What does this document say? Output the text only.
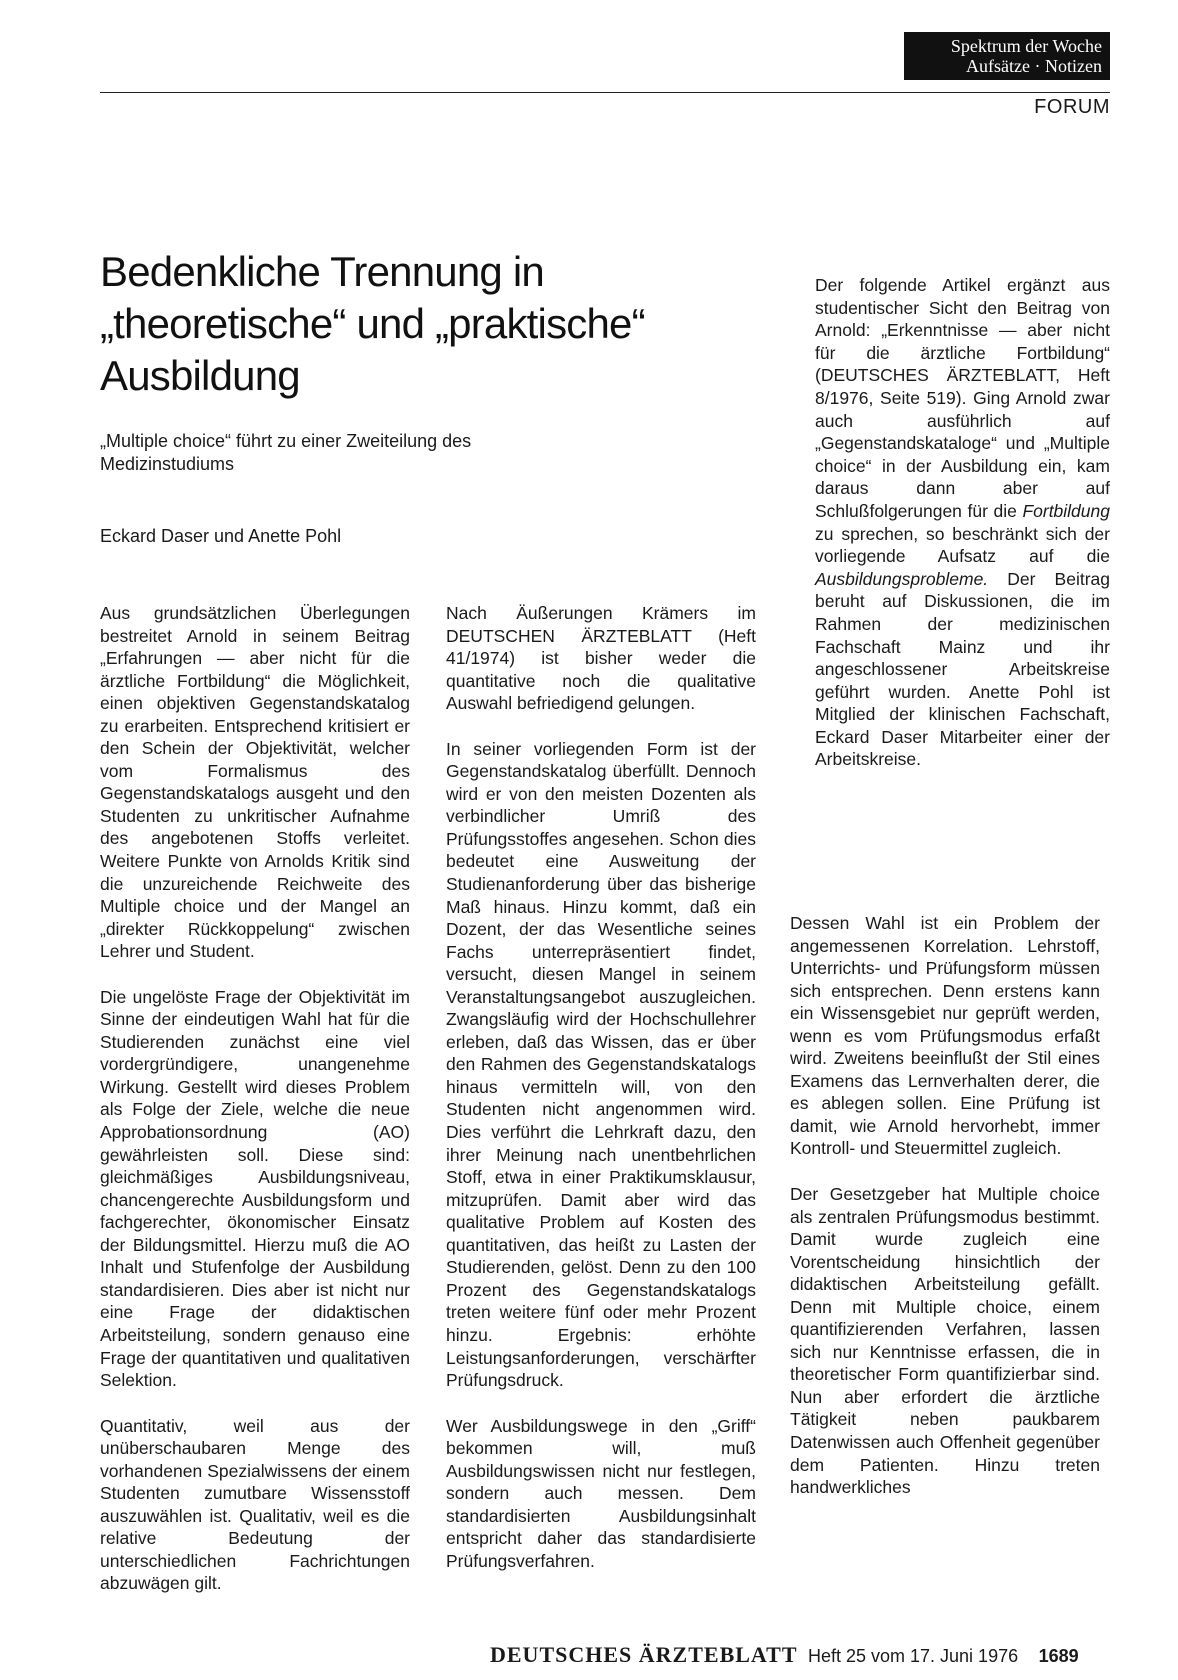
Spektrum der Woche
Aufsätze · Notizen
FORUM
Bedenkliche Trennung in
„theoretische“ und „praktische“
Ausbildung
„Multiple choice“ führt zu einer Zweiteilung des Medizinstudiums
Eckard Daser und Anette Pohl
Der folgende Artikel ergänzt aus studentischer Sicht den Beitrag von Arnold: „Erkenntnisse — aber nicht für die ärztliche Fortbildung“ (DEUTSCHES ÄRZTEBLATT, Heft 8/1976, Seite 519). Ging Arnold zwar auch ausführlich auf „Gegenstandskataloge“ und „Multiple choice“ in der Ausbildung ein, kam daraus dann aber auf Schlußfolgerungen für die Fortbildung zu sprechen, so beschränkt sich der vorliegende Aufsatz auf die Ausbildungsprobleme. Der Beitrag beruht auf Diskussionen, die im Rahmen der medizinischen Fachschaft Mainz und ihr angeschlossener Arbeitskreise geführt wurden. Anette Pohl ist Mitglied der klinischen Fachschaft, Eckard Daser Mitarbeiter einer der Arbeitskreise.

Aus grundsätzlichen Überlegungen bestreitet Arnold in seinem Beitrag „Erfahrungen — aber nicht für die ärztliche Fortbildung“ die Möglichkeit, einen objektiven Gegenstandskatalog zu erarbeiten. Entsprechend kritisiert er den Schein der Objektivität, welcher vom Formalismus des Gegenstandskatalogs ausgeht und den Studenten zu unkritischer Aufnahme des angebotenen Stoffs verleitet. Weitere Punkte von Arnolds Kritik sind die unzureichende Reichweite des Multiple choice und der Mangel an „direkter Rückkoppelung“ zwischen Lehrer und Student.

Die ungelöste Frage der Objektivität im Sinne der eindeutigen Wahl hat für die Studierenden zunächst eine viel vordergründigere, unangenehme Wirkung. Gestellt wird dieses Problem als Folge der Ziele, welche die neue Approbationsordnung (AO) gewährleisten soll. Diese sind: gleichmäßiges Ausbildungsniveau, chancengerechte Ausbildungsform und fachgerechter, ökonomischer Einsatz der Bildungsmittel. Hierzu muß die AO Inhalt und Stufenfolge der Ausbildung standardisieren. Dies aber ist nicht nur eine Frage der didaktischen Arbeitsteilung, sondern genauso eine Frage der quantitativen und qualitativen Selektion.

Quantitativ, weil aus der unüberschaubaren Menge des vorhandenen Spezialwissens der einem Studenten zumutbare Wissensstoff auszuwählen ist. Qualitativ, weil es die relative Bedeutung der unterschiedlichen Fachrichtungen abzuwägen gilt.

Nach Äußerungen Krämers im DEUTSCHEN ÄRZTEBLATT (Heft 41/1974) ist bisher weder die quantitative noch die qualitative Auswahl befriedigend gelungen.

In seiner vorliegenden Form ist der Gegenstandskatalog überfüllt. Dennoch wird er von den meisten Dozenten als verbindlicher Umriß des Prüfungsstoffes angesehen. Schon dies bedeutet eine Ausweitung der Studienanforderung über das bisherige Maß hinaus. Hinzu kommt, daß ein Dozent, der das Wesentliche seines Fachs unterrepräsentiert findet, versucht, diesen Mangel in seinem Veranstaltungsangebot auszugleichen. Zwangsläufig wird der Hochschullehrer erleben, daß das Wissen, das er über den Rahmen des Gegenstandskatalogs hinaus vermitteln will, von den Studenten nicht angenommen wird. Dies verführt die Lehrkraft dazu, den ihrer Meinung nach unentbehrlichen Stoff, etwa in einer Praktikumsklausur, mitzuprüfen. Damit aber wird das qualitative Problem auf Kosten des quantitativen, das heißt zu Lasten der Studierenden, gelöst. Denn zu den 100 Prozent des Gegenstandskatalogs treten weitere fünf oder mehr Prozent hinzu. Ergebnis: erhöhte Leistungsanforderungen, verschärfter Prüfungsdruck.

Wer Ausbildungswege in den „Griff“ bekommen will, muß Ausbildungswissen nicht nur festlegen, sondern auch messen. Dem standardisierten Ausbildungsinhalt entspricht daher das standardisierte Prüfungsverfahren.

Dessen Wahl ist ein Problem der angemessenen Korrelation. Lehrstoff, Unterrichts- und Prüfungsform müssen sich entsprechen. Denn erstens kann ein Wissensgebiet nur geprüft werden, wenn es vom Prüfungsmodus erfaßt wird. Zweitens beeinflußt der Stil eines Examens das Lernverhalten derer, die es ablegen sollen. Eine Prüfung ist damit, wie Arnold hervorhebt, immer Kontroll- und Steuermittel zugleich.

Der Gesetzgeber hat Multiple choice als zentralen Prüfungsmodus bestimmt. Damit wurde zugleich eine Vorentscheidung hinsichtlich der didaktischen Arbeitsteilung gefällt. Denn mit Multiple choice, einem quantifizierenden Verfahren, lassen sich nur Kenntnisse erfassen, die in theoretischer Form quantifizierbar sind. Nun aber erfordert die ärztliche Tätigkeit neben paukbarem Datenwissen auch Offenheit gegenüber dem Patienten. Hinzu treten handwerkliches

DEUTSCHES ÄRZTEBLATT Heft 25 vom 17. Juni 1976 1689
